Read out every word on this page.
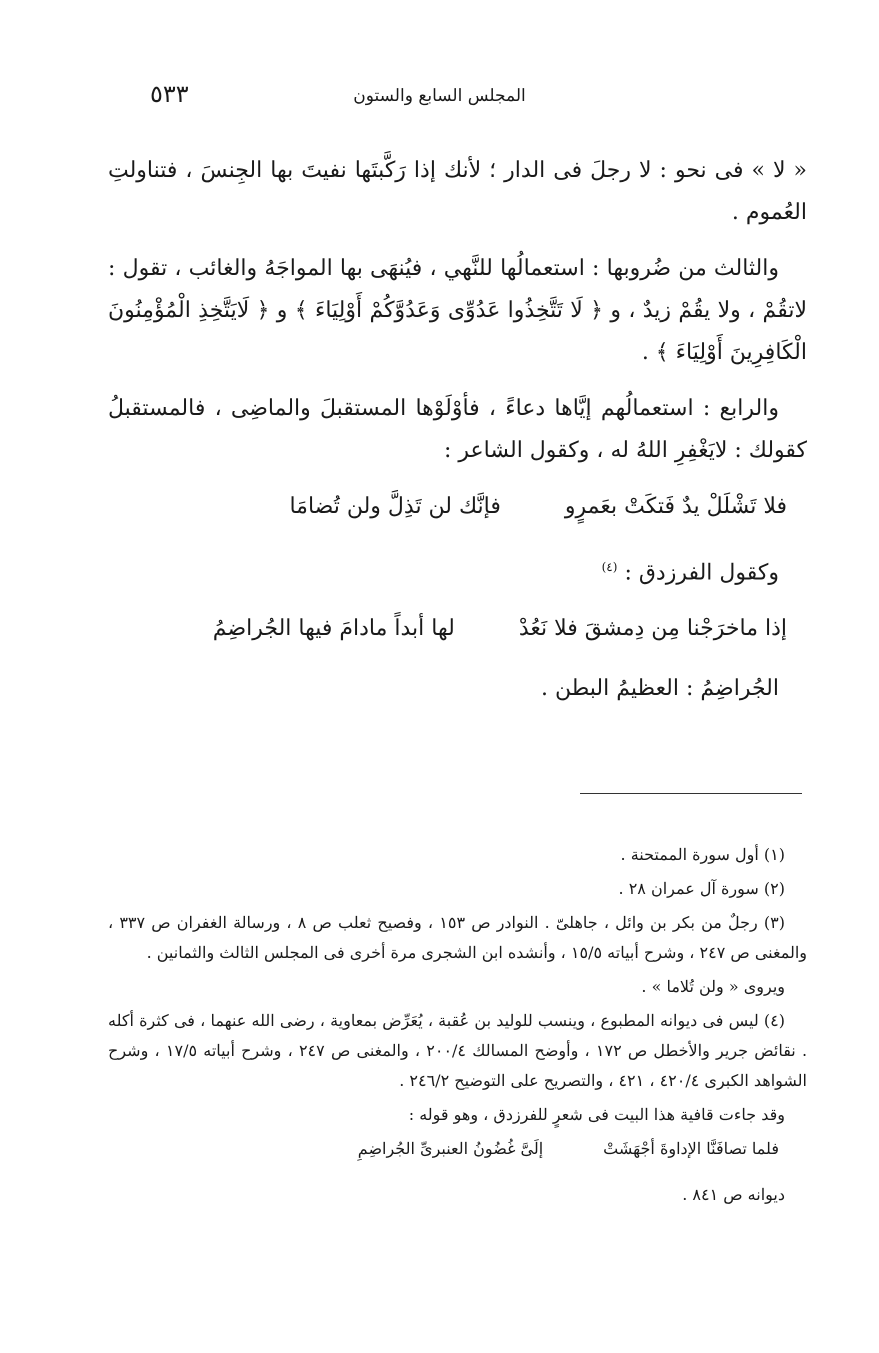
٥٣٣	المجلس السابع والستون

« لا » فى نحو : لا رجلَ فى الدار ؛ لأنك إذا رَكَّبتَها نفيتَ بها الجِنسَ ، فتناولتِ العُموم .

والثالث من ضُروبها : استعمالُها للنَّهي ، فيُنهَى بها المواجَهُ والغائب ، تقول : لاتقُمْ ، ولا يقُمْ زيدٌ ، و ﴿ لَا تَتَّخِذُوا عَدُوِّى وَعَدُوَّكُمْ أَوْلِيَاءَ ﴾ و ﴿ لَايَتَّخِذِ الْمُؤْمِنُونَ الْكَافِرِينَ أَوْلِيَاءَ ﴾ .

والرابع : استعمالُهم إيَّاها دعاءً ، فأوْلَوْها المستقبلَ والماضِى ، فالمستقبلُ كقولك : لايَغْفِرِ اللهُ له ، وكقول الشاعر :

فلا تَشْلَلْ يدٌ فَتكَتْ بعَمرٍو
فإنَّك لن تَذِلَّ ولن تُضامَا

وكقول الفرزدق : $^{(٤)}$

إذا ماخرَجْنا مِن دِمشقَ فلا نَعُدْ
لها أبداً مادامَ فيها الجُراضِمُ

الجُراضِمُ : العظيمُ البطن .

(١) أول سورة الممتحنة .

(٢) سورة آل عمران ٢٨ .

(٣) رجلٌ من بكر بن وائل ، جاهلىّ . النوادر ص ١٥٣ ، وفصيح ثعلب ص ٨ ، ورسالة الغفران ص ٣٣٧ ، والمغنى ص ٢٤٧ ، وشرح أبياته ١٥/٥ ، وأنشده ابن الشجرى مرة أخرى فى المجلس الثالث والثمانين .

ويروى « ولن تُلاما » .

(٤) ليس فى ديوانه المطبوع ، وينسب للوليد بن عُقبة ، يُعَرِّض بمعاوية ، رضى الله عنهما ، فى كثرة أكله . نقائض جرير والأخطل ص ١٧٢ ، وأوضح المسالك ٢٠٠/٤ ، والمغنى ص ٢٤٧ ، وشرح أبياته ١٧/٥ ، وشرح الشواهد الكبرى ٤٢٠/٤ ، ٤٢١ ، والتصريح على التوضيح ٢٤٦/٢ .

وقد جاءت قافية هذا البيت فى شعرٍ للفرزدق ، وهو قوله :

فلما تصافَنَّا الإداوةَ أجْهَشَتْ
إلَىَّ غُضُونُ العنبرىِّ الجُراضِمِ

ديوانه ص ٨٤١ .
